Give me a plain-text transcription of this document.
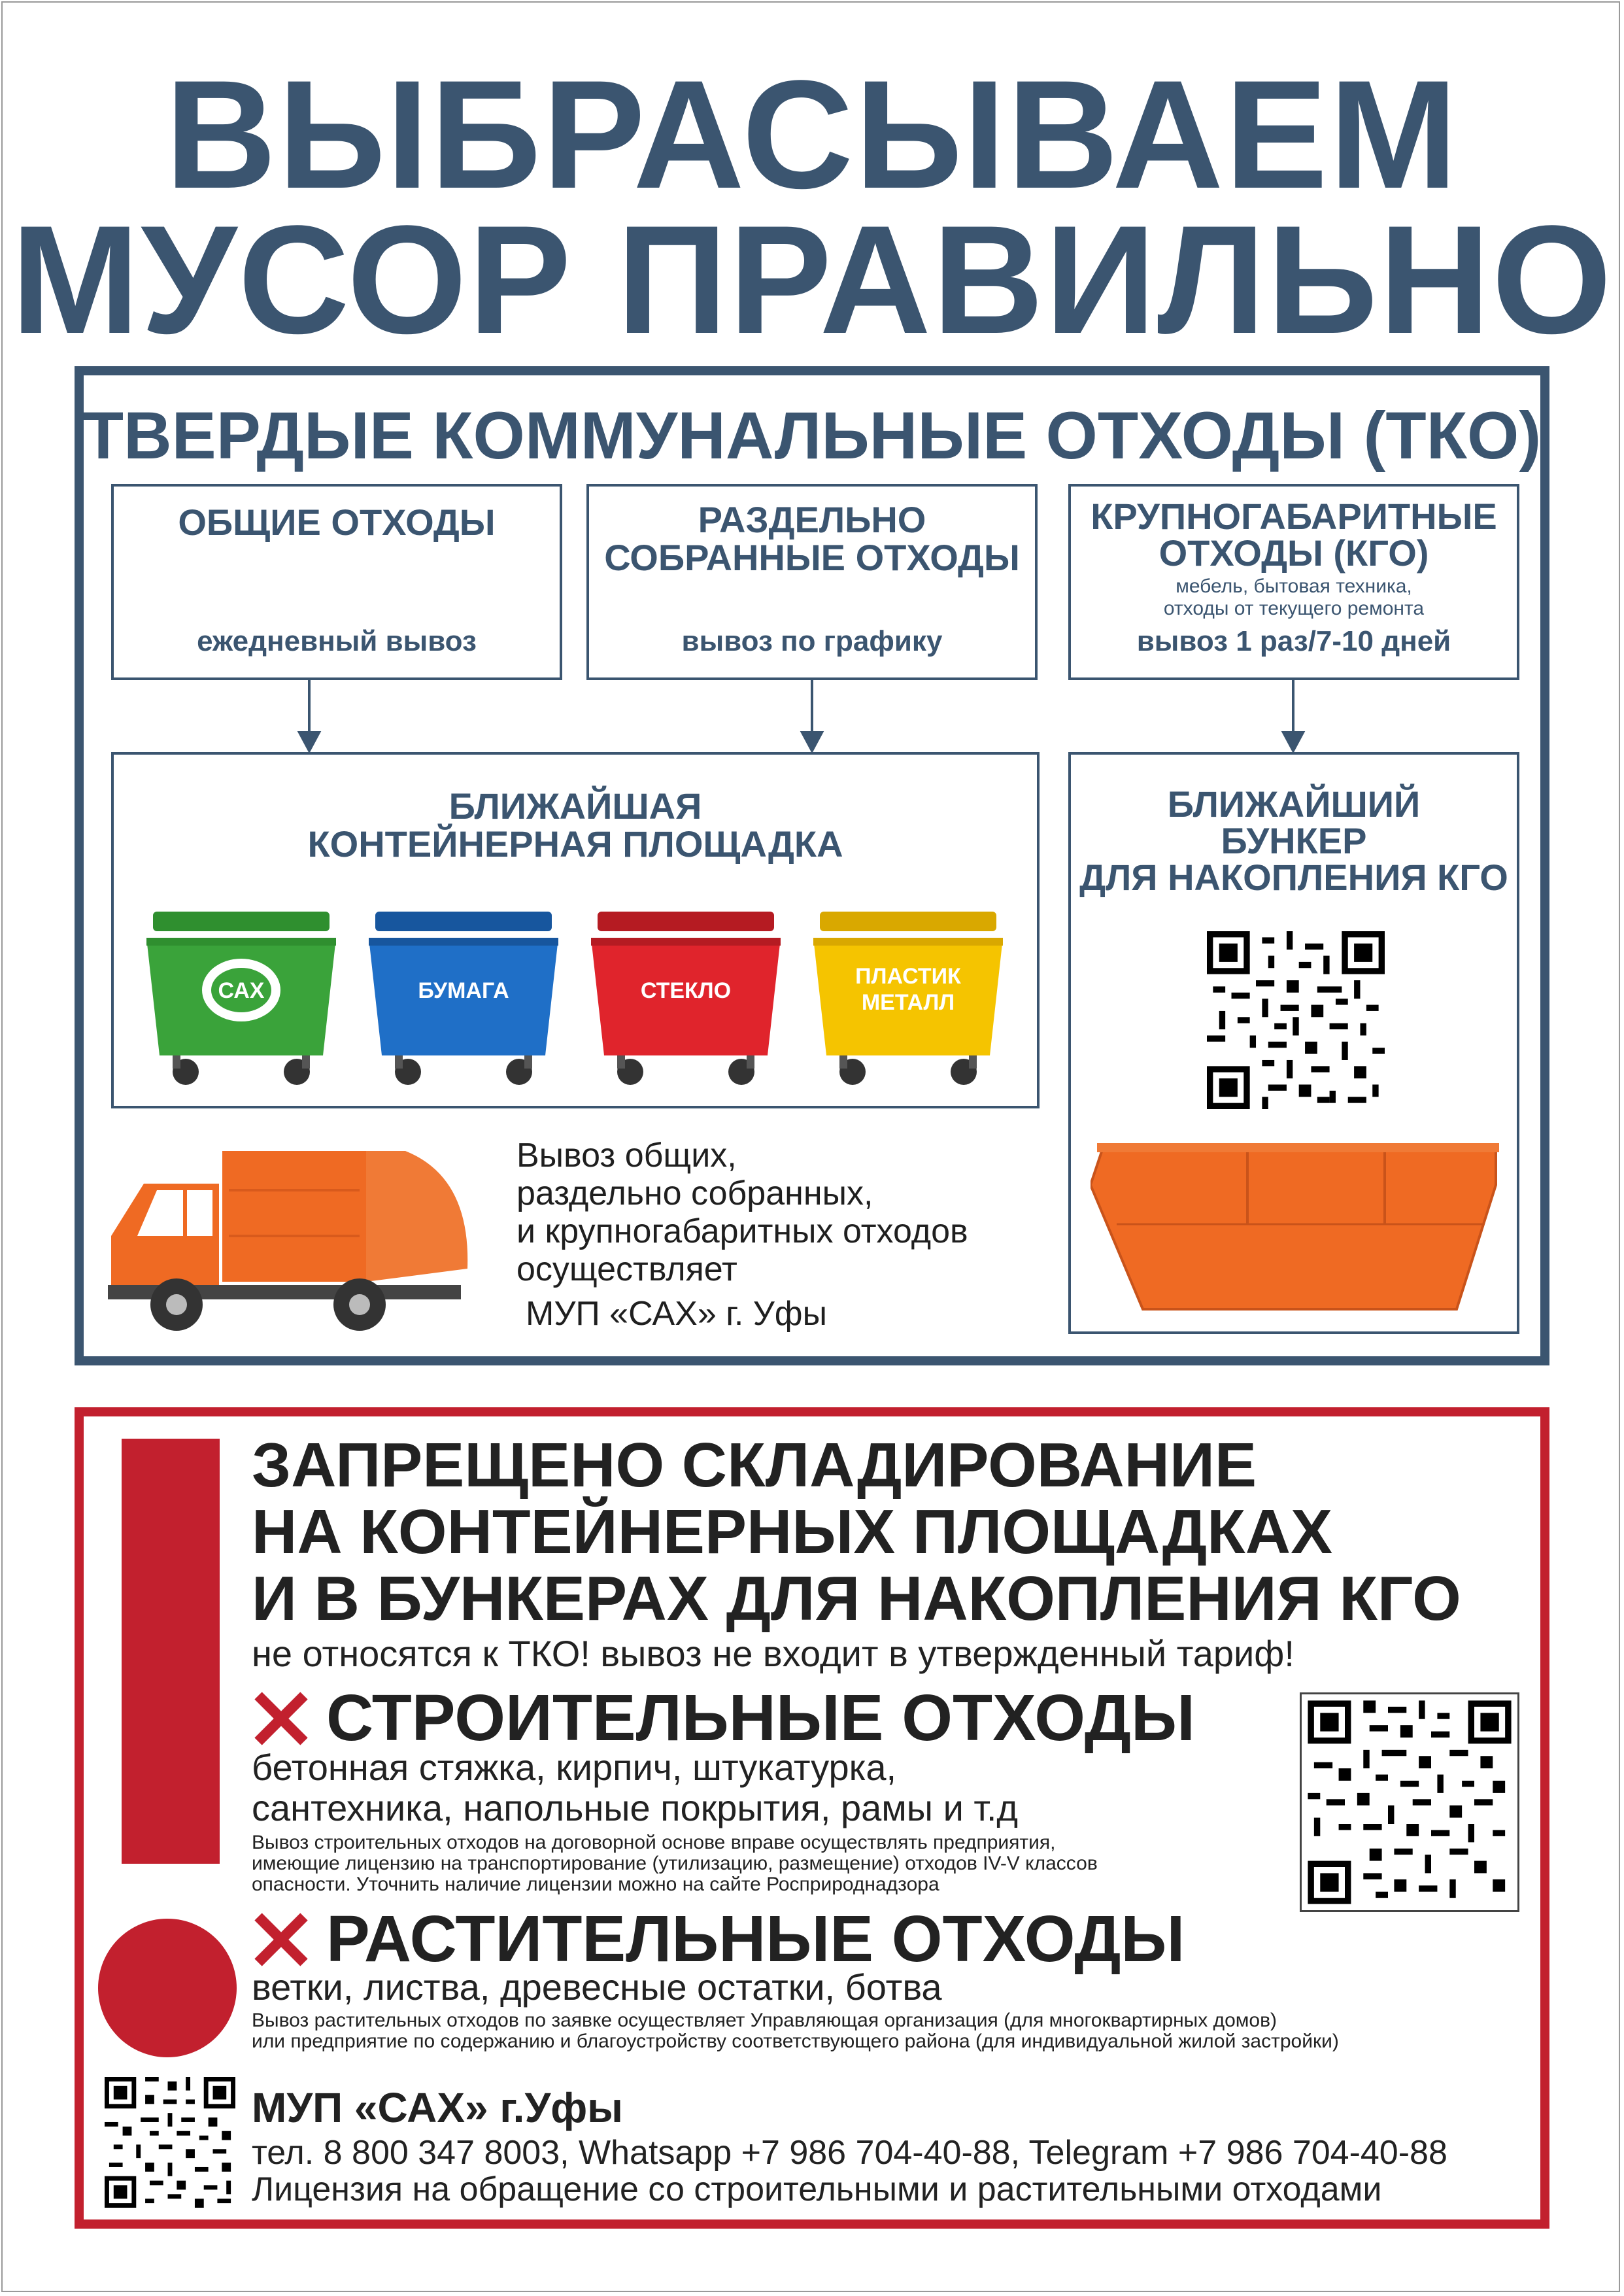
ВЫБРАСЫВАЕМ
МУСОР ПРАВИЛЬНО
ТВЕРДЫЕ КОММУНАЛЬНЫЕ ОТХОДЫ (ТКО)
ОБЩИЕ ОТХОДЫ
ежедневный вывоз
РАЗДЕЛЬНО
СОБРАННЫЕ ОТХОДЫ
вывоз по графику
КРУПНОГАБАРИТНЫЕ
ОТХОДЫ (КГО)
мебель, бытовая техника,
отходы от текущего ремонта
вывоз 1 раз/7-10 дней
БЛИЖАЙШАЯ
КОНТЕЙНЕРНАЯ ПЛОЩАДКА
САХ	БУМАГА	СТЕКЛО
ПЛАСТИК
МЕТАЛЛ
БЛИЖАЙШИЙ
БУНКЕР
ДЛЯ НАКОПЛЕНИЯ КГО
Вывоз общих,
раздельно собранных,
и крупногабаритных отходов
осуществляет
МУП «САХ» г. Уфы
ЗАПРЕЩЕНО СКЛАДИРОВАНИЕ
НА КОНТЕЙНЕРНЫХ ПЛОЩАДКАХ
И В БУНКЕРАХ ДЛЯ НАКОПЛЕНИЯ КГО
не относятся к ТКО! вывоз не входит в утвержденный тариф!
СТРОИТЕЛЬНЫЕ ОТХОДЫ
бетонная стяжка, кирпич, штукатурка,
сантехника, напольные покрытия, рамы и т.д
Вывоз строительных отходов на договорной основе вправе осуществлять предприятия,
имеющие лицензию на транспортирование (утилизацию, размещение) отходов IV-V классов
опасности. Уточнить наличие лицензии можно на сайте Росприроднадзора
РАСТИТЕЛЬНЫЕ ОТХОДЫ
ветки, листва, древесные остатки, ботва
Вывоз растительных отходов по заявке осуществляет Управляющая организация (для многоквартирных домов)
или предприятие по содержанию и благоустройству соответствующего района (для индивидуальной жилой застройки)
МУП «САХ» г.Уфы
тел. 8 800 347 8003, Whatsapp +7 986 704-40-88, Telegram +7 986 704-40-88
Лицензия на обращение со строительными и растительными отходами
